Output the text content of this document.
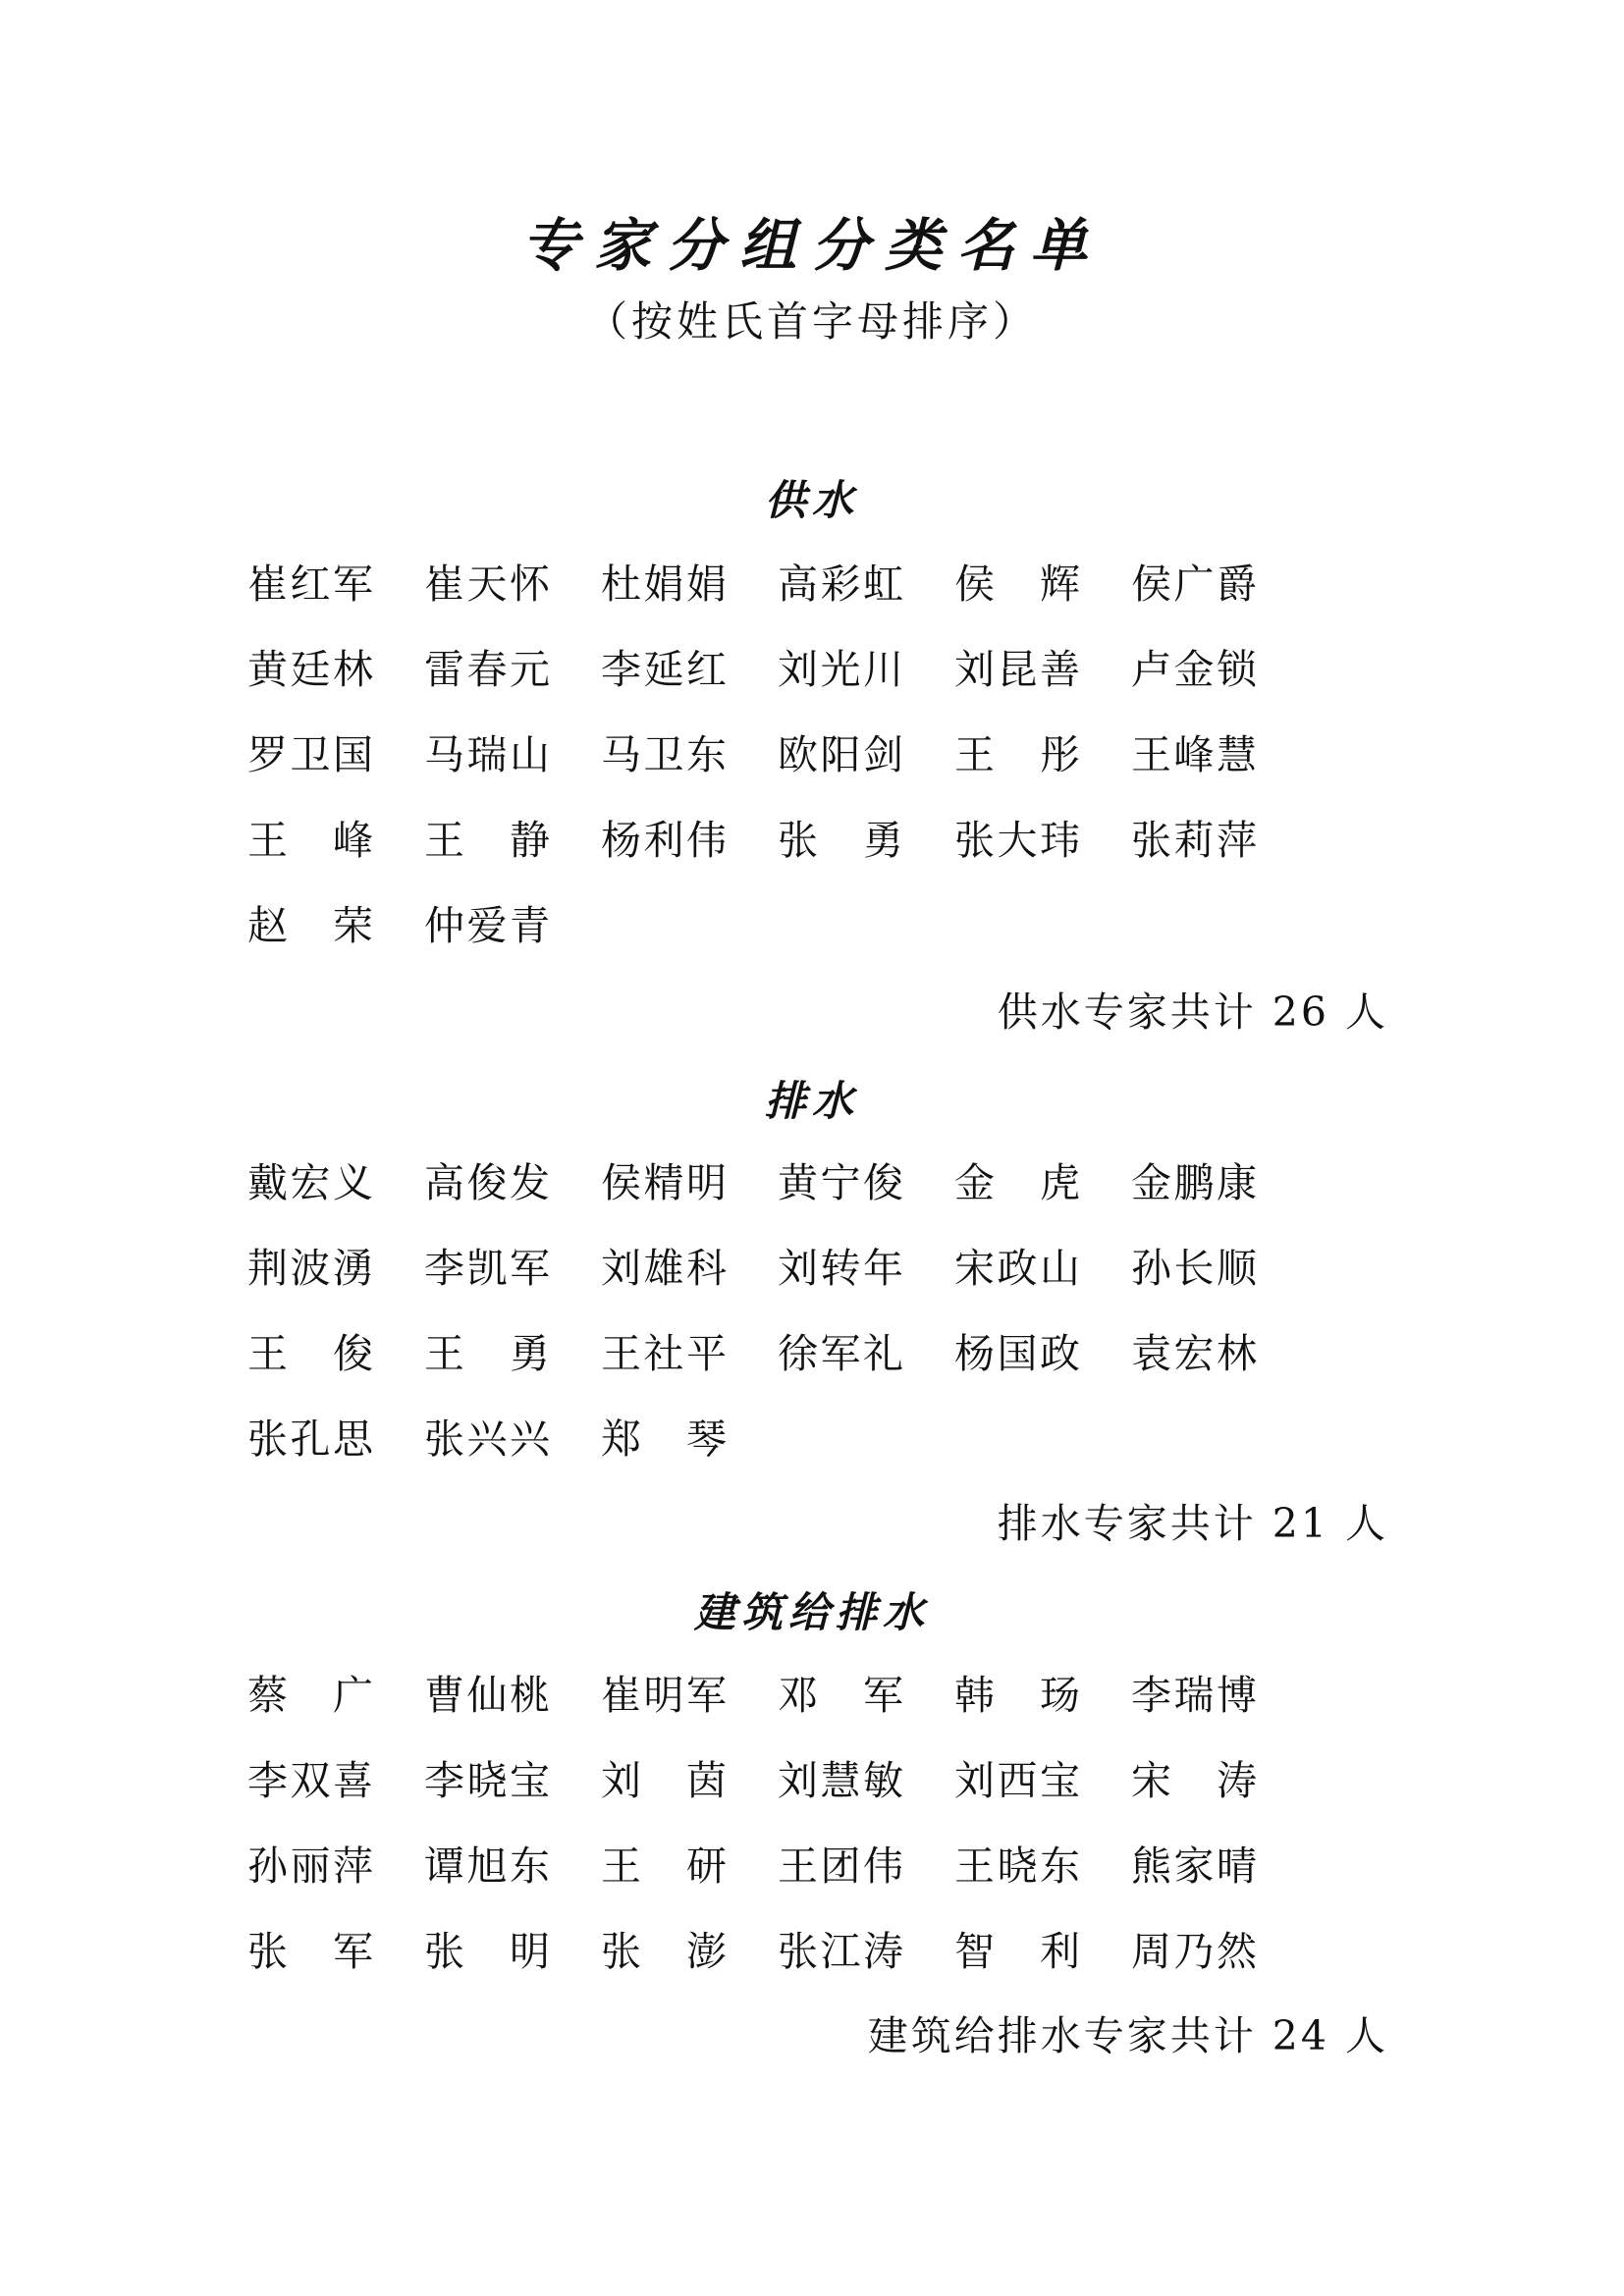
专家分组分类名单
（按姓氏首字母排序）
供水
崔 红 军 崔 天 怀 杜 娟 娟 高 彩 虹 侯 辉 侯 广 爵
黄 廷 林 雷 春 元 李 延 红 刘 光 川 刘 昆 善 卢 金 锁
罗 卫 国 马 瑞 山 马 卫 东 欧 阳 剑 王 彤 王 峰 慧
王 峰 王 静 杨 利 伟 张 勇 张 大 玮 张 莉 萍
赵 荣 仲 爱 青
供水专家共计 26 人
排水
戴 宏 义 高 俊 发 侯 精 明 黄 宁 俊 金 虎 金 鹏 康
荆 波 湧 李 凯 军 刘 雄 科 刘 转 年 宋 政 山 孙 长 顺
王 俊 王 勇 王 社 平 徐 军 礼 杨 国 政 袁 宏 林
张 孔 思 张 兴 兴 郑 琴
排水专家共计 21 人
建筑给排水
蔡 广 曹 仙 桃 崔 明 军 邓 军 韩 玚 李 瑞 博
李 双 喜 李 晓 宝 刘 茵 刘 慧 敏 刘 西 宝 宋 涛
孙 丽 萍 谭 旭 东 王 研 王 团 伟 王 晓 东 熊 家 晴
张 军 张 明 张 澎 张 江 涛 智 利 周 乃 然
建筑给排水专家共计 24 人
